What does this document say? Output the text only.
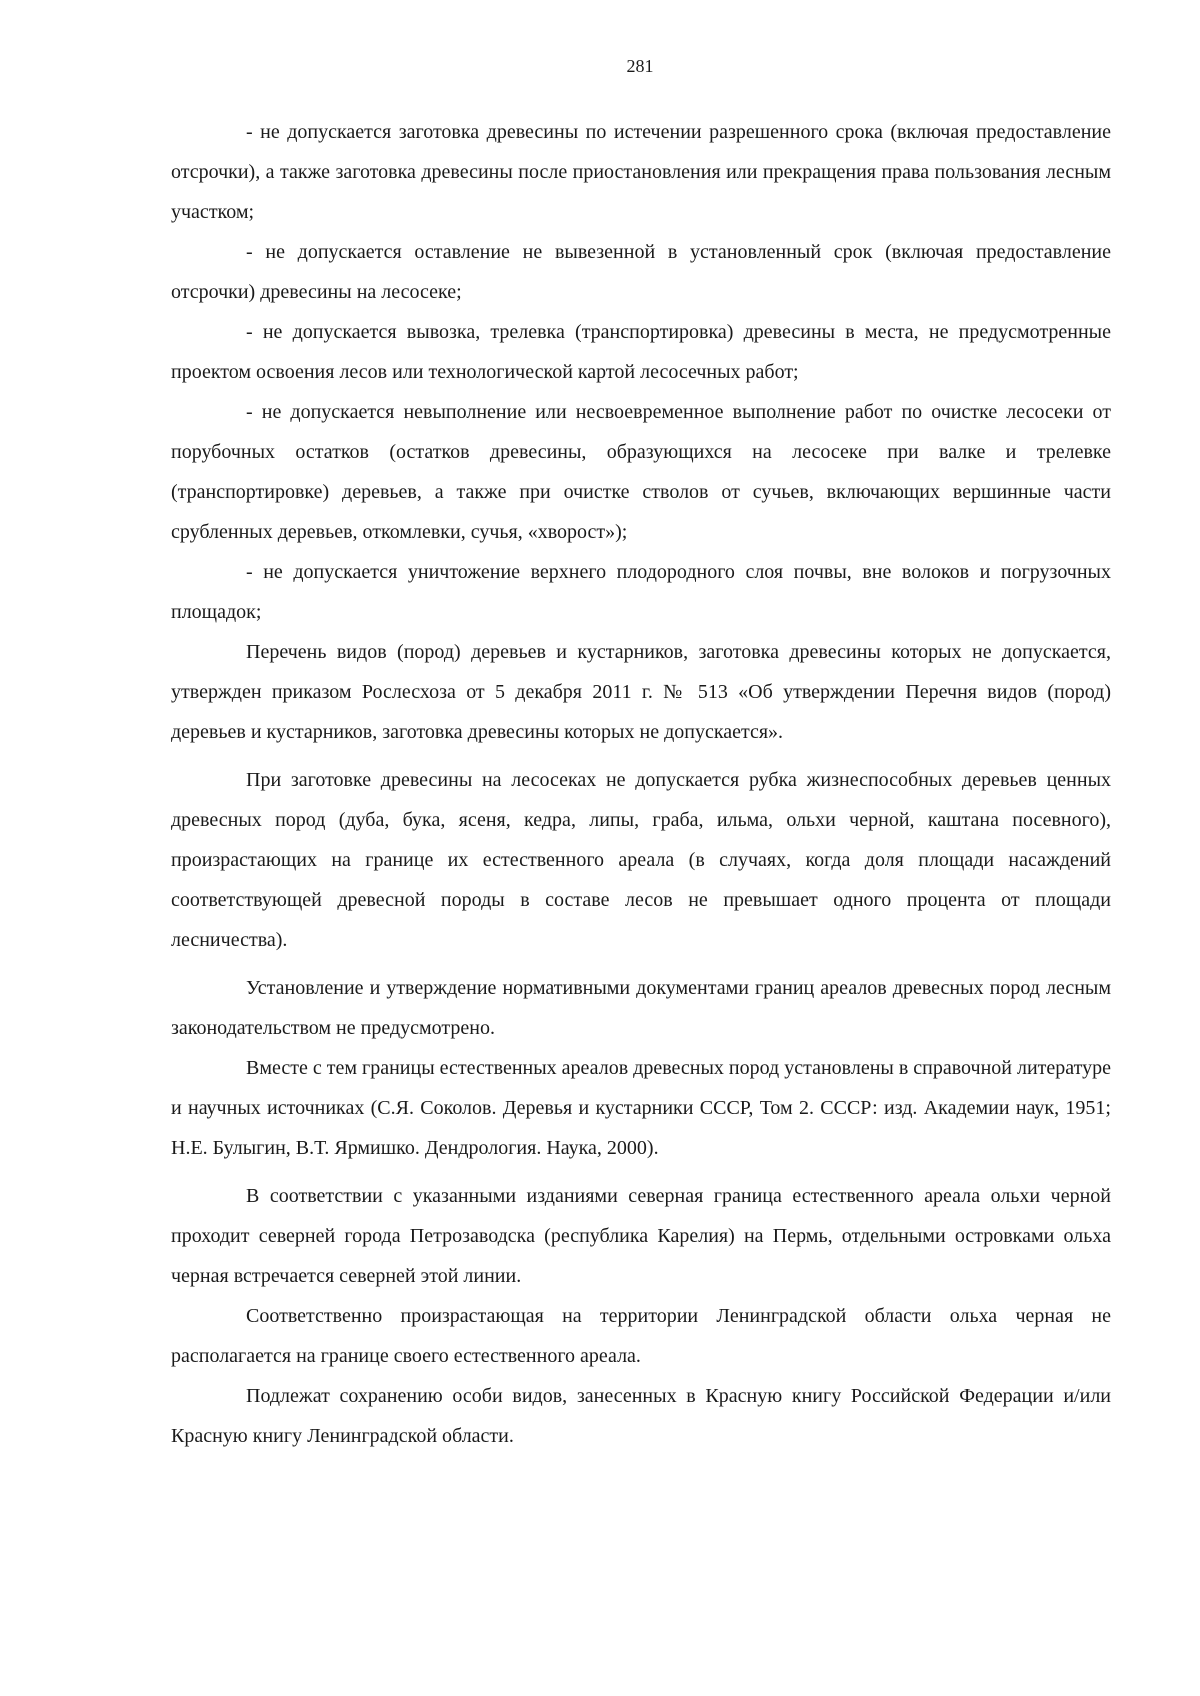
281

- не допускается заготовка древесины по истечении разрешенного срока (включая предоставление отсрочки), а также заготовка древесины после приостановления или прекращения права пользования лесным участком;

- не допускается оставление не вывезенной в установленный срок (включая предоставление отсрочки) древесины на лесосеке;

- не допускается вывозка, трелевка (транспортировка) древесины в места, не предусмотренные проектом освоения лесов или технологической картой лесосечных работ;

- не допускается невыполнение или несвоевременное выполнение работ по очистке лесосеки от порубочных остатков (остатков древесины, образующихся на лесосеке при валке и трелевке (транспортировке) деревьев, а также при очистке стволов от сучьев, включающих вершинные части срубленных деревьев, откомлевки, сучья, «хворост»);

- не допускается уничтожение верхнего плодородного слоя почвы, вне волоков и погрузочных площадок;

Перечень видов (пород) деревьев и кустарников, заготовка древесины которых не допускается, утвержден приказом Рослесхоза от 5 декабря 2011 г. № 513 «Об утверждении Перечня видов (пород) деревьев и кустарников, заготовка древесины которых не допускается».

При заготовке древесины на лесосеках не допускается рубка жизнеспособных деревьев ценных древесных пород (дуба, бука, ясеня, кедра, липы, граба, ильма, ольхи черной, каштана посевного), произрастающих на границе их естественного ареала (в случаях, когда доля площади насаждений соответствующей древесной породы в составе лесов не превышает одного процента от площади лесничества).

Установление и утверждение нормативными документами границ ареалов древесных пород лесным законодательством не предусмотрено.

Вместе с тем границы естественных ареалов древесных пород установлены в справочной литературе и научных источниках (С.Я. Соколов. Деревья и кустарники СССР, Том 2. СССР: изд. Академии наук, 1951; Н.Е. Булыгин, В.Т. Ярмишко. Дендрология. Наука, 2000).

В соответствии с указанными изданиями северная граница естественного ареала ольхи черной проходит северней города Петрозаводска (республика Карелия) на Пермь, отдельными островками ольха черная встречается северней этой линии.

Соответственно произрастающая на территории Ленинградской области ольха черная не располагается на границе своего естественного ареала.

Подлежат сохранению особи видов, занесенных в Красную книгу Российской Федерации и/или Красную книгу Ленинградской области.
